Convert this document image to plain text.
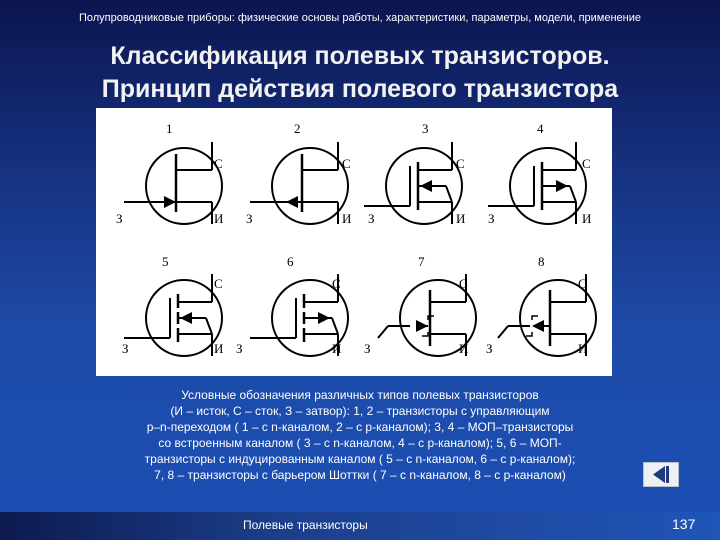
Полупроводниковые приборы: физические основы работы, характеристики, параметры, модели, применение
Классификация полевых транзисторов.
Принцип действия полевого транзистора
1	2	3	4
5	6	7	8
С
З	И
С
З	И
С
З	И
С
З	И
С
З	И
С
З	И
С
З	И
С
З	И
Условные обозначения различных типов полевых транзисторов
(И – исток, С – сток, З – затвор): 1, 2 – транзисторы с управляющим
p–n-переходом ( 1 – с n-каналом, 2 – с p-каналом); 3, 4 – МОП–транзисторы
со встроенным каналом ( 3 – с n-каналом, 4 – с p-каналом); 5, 6 – МОП-
транзисторы с индуцированным каналом ( 5 – с n-каналом, 6 – с p-каналом);
7, 8 – транзисторы с барьером Шоттки ( 7 – с n-каналом, 8 – с p-каналом)
Полевые транзисторы	137
